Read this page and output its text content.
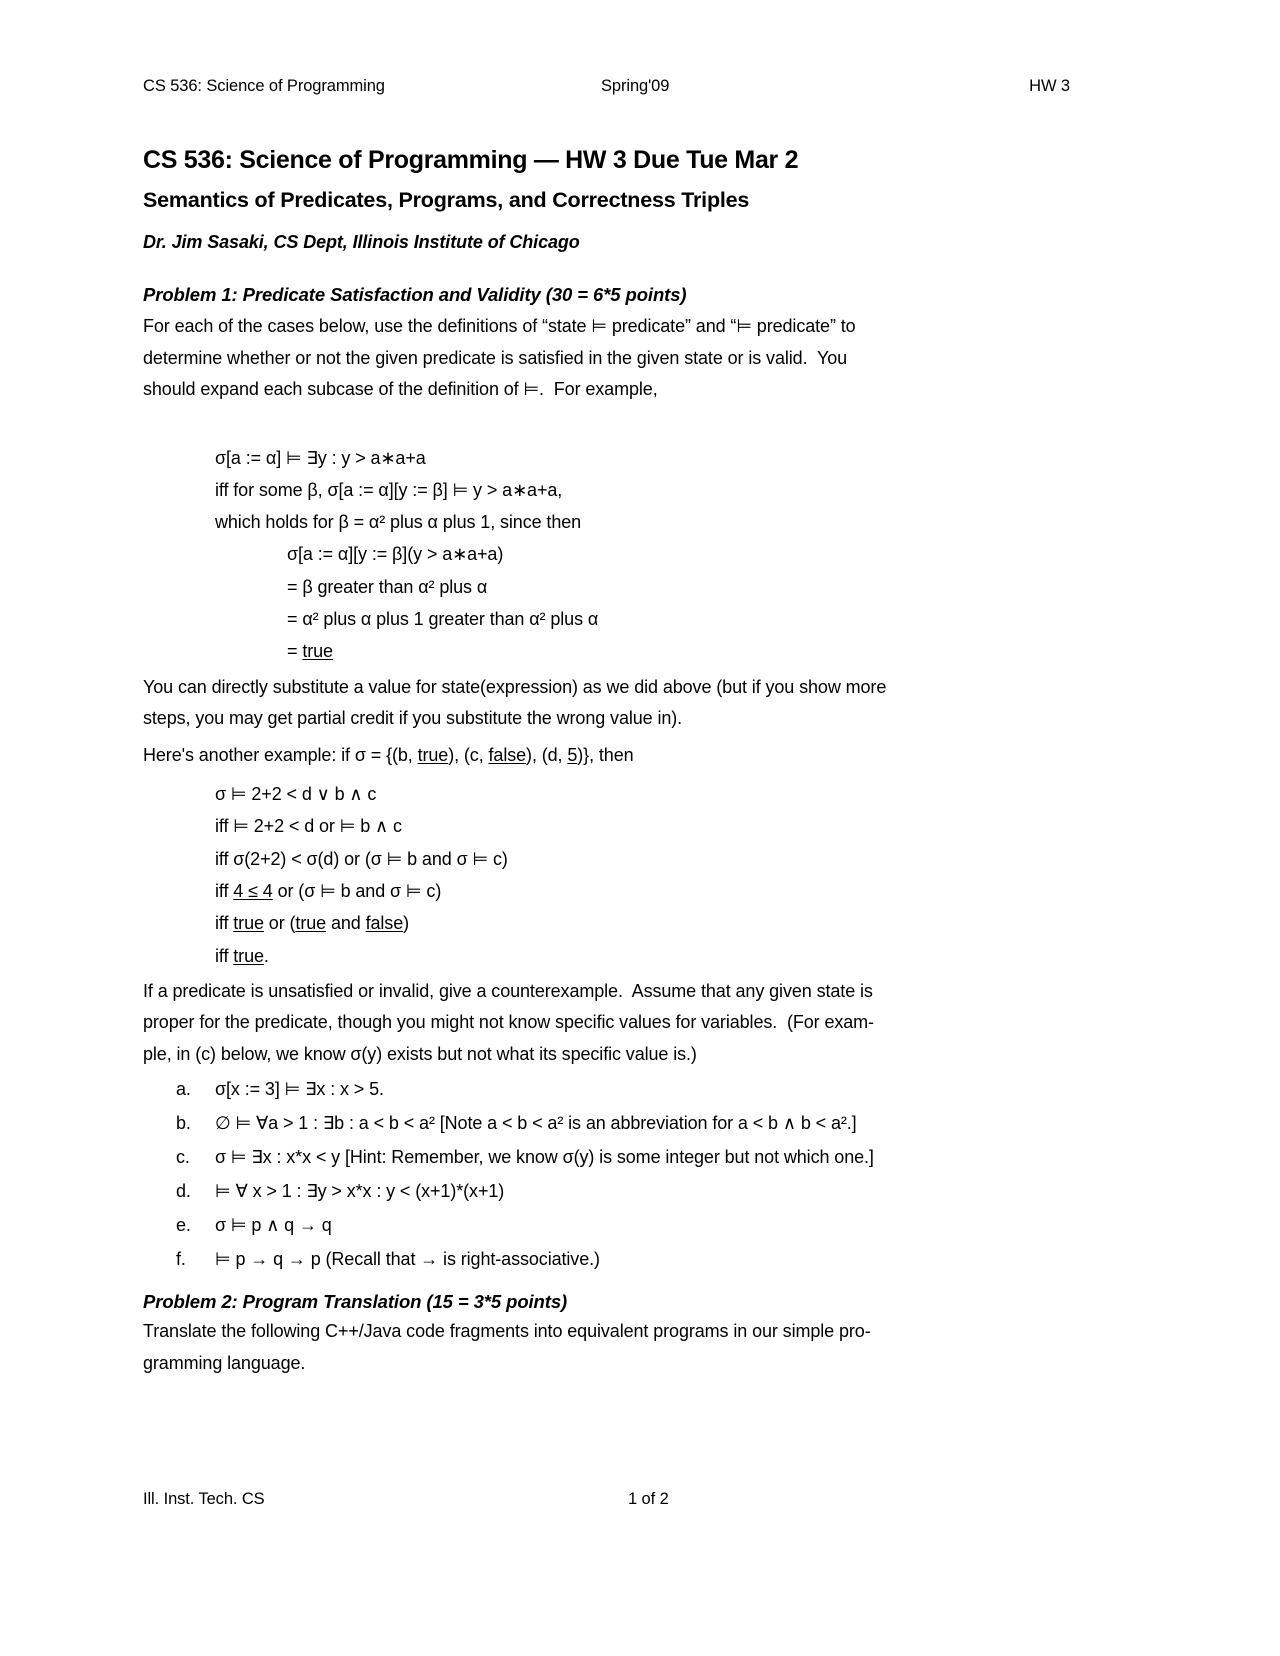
CS 536: Science of Programming	Spring'09	HW 3
CS 536: Science of Programming — HW 3 Due Tue Mar 2
Semantics of Predicates, Programs, and Correctness Triples
Dr. Jim Sasaki, CS Dept, Illinois Institute of Chicago
Problem 1: Predicate Satisfaction and Validity (30 = 6*5 points)
For each of the cases below, use the definitions of “state ⊨ predicate” and “⊨ predicate” to
determine whether or not the given predicate is satisfied in the given state or is valid.  You
should expand each subcase of the definition of ⊨.  For example,
σ[a := α] ⊨ ∃y : y > a∗a+a
iff for some β, σ[a := α][y := β] ⊨ y > a∗a+a,
which holds for β = α² plus α plus 1, since then
σ[a := α][y := β](y > a∗a+a)
= β greater than α² plus α
= α² plus α plus 1 greater than α² plus α
= true
You can directly substitute a value for state(expression) as we did above (but if you show more
steps, you may get partial credit if you substitute the wrong value in).
Here's another example: if σ = {(b, true), (c, false), (d, 5)}, then
σ ⊨ 2+2 < d ∨ b ∧ c
iff ⊨ 2+2 < d or ⊨ b ∧ c
iff σ(2+2) < σ(d) or (σ ⊨ b and σ ⊨ c)
iff 4 ≤ 4 or (σ ⊨ b and σ ⊨ c)
iff true or (true and false)
iff true.
If a predicate is unsatisfied or invalid, give a counterexample.  Assume that any given state is
proper for the predicate, though you might not know specific values for variables.  (For exam-
ple, in (c) below, we know σ(y) exists but not what its specific value is.)
a. σ[x := 3] ⊨ ∃x : x > 5.
b. ∅ ⊨ ∀a > 1 : ∃b : a < b < a² [Note a < b < a² is an abbreviation for a < b ∧ b < a².]
c. σ ⊨ ∃x : x*x < y [Hint: Remember, we know σ(y) is some integer but not which one.]
d. ⊨ ∀ x > 1 : ∃y > x*x : y < (x+1)*(x+1)
e. σ ⊨ p ∧ q → q
f. ⊨ p → q → p (Recall that → is right-associative.)
Problem 2: Program Translation (15 = 3*5 points)
Translate the following C++/Java code fragments into equivalent programs in our simple pro-
gramming language.
Ill. Inst. Tech. CS	1 of 2
